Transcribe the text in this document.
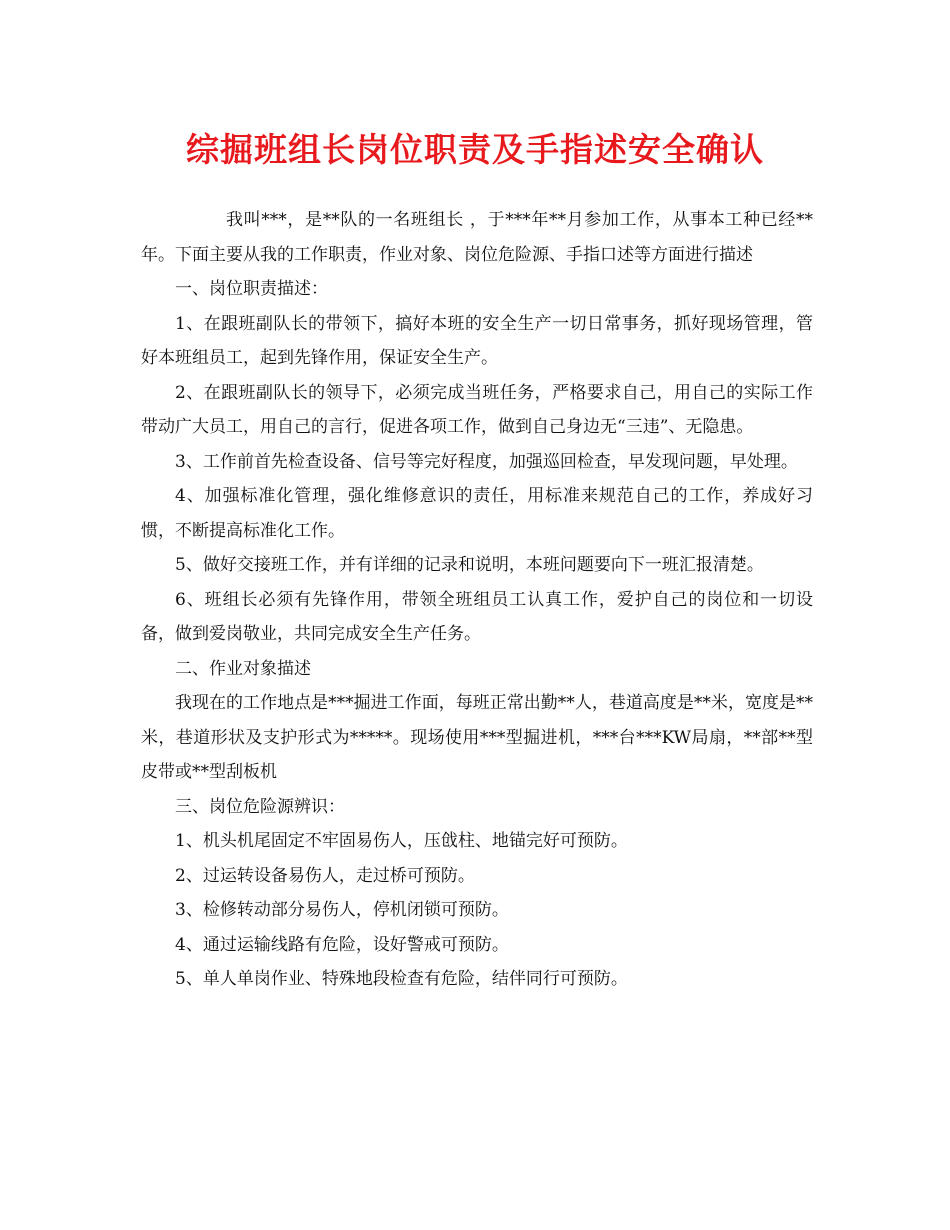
综掘班组长岗位职责及手指述安全确认

我叫***，是**队的一名班组长 ，于***年**月参加工作，从事本工种已经**年。下面主要从我的工作职责，作业对象、岗位危险源、手指口述等方面进行描述

一、岗位职责描述：

1、在跟班副队长的带领下，搞好本班的安全生产一切日常事务，抓好现场管理，管好本班组员工，起到先锋作用，保证安全生产。

2、在跟班副队长的领导下，必须完成当班任务，严格要求自己，用自己的实际工作带动广大员工，用自己的言行，促进各项工作，做到自己身边无“三违”、无隐患。

3、工作前首先检查设备、信号等完好程度，加强巡回检查，早发现问题，早处理。

4、加强标准化管理，强化维修意识的责任，用标准来规范自己的工作，养成好习惯，不断提高标准化工作。

5、做好交接班工作，并有详细的记录和说明，本班问题要向下一班汇报清楚。

6、班组长必须有先锋作用，带领全班组员工认真工作，爱护自己的岗位和一切设备，做到爱岗敬业，共同完成安全生产任务。

二、作业对象描述

我现在的工作地点是***掘进工作面，每班正常出勤**人，巷道高度是**米，宽度是**米，巷道形状及支护形式为*****。现场使用***型掘进机，***台***KW局扇，**部**型皮带或**型刮板机

三、岗位危险源辨识：

1、机头机尾固定不牢固易伤人，压戗柱、地锚完好可预防。

2、过运转设备易伤人，走过桥可预防。

3、检修转动部分易伤人，停机闭锁可预防。

4、通过运输线路有危险，设好警戒可预防。

5、单人单岗作业、特殊地段检查有危险，结伴同行可预防。
